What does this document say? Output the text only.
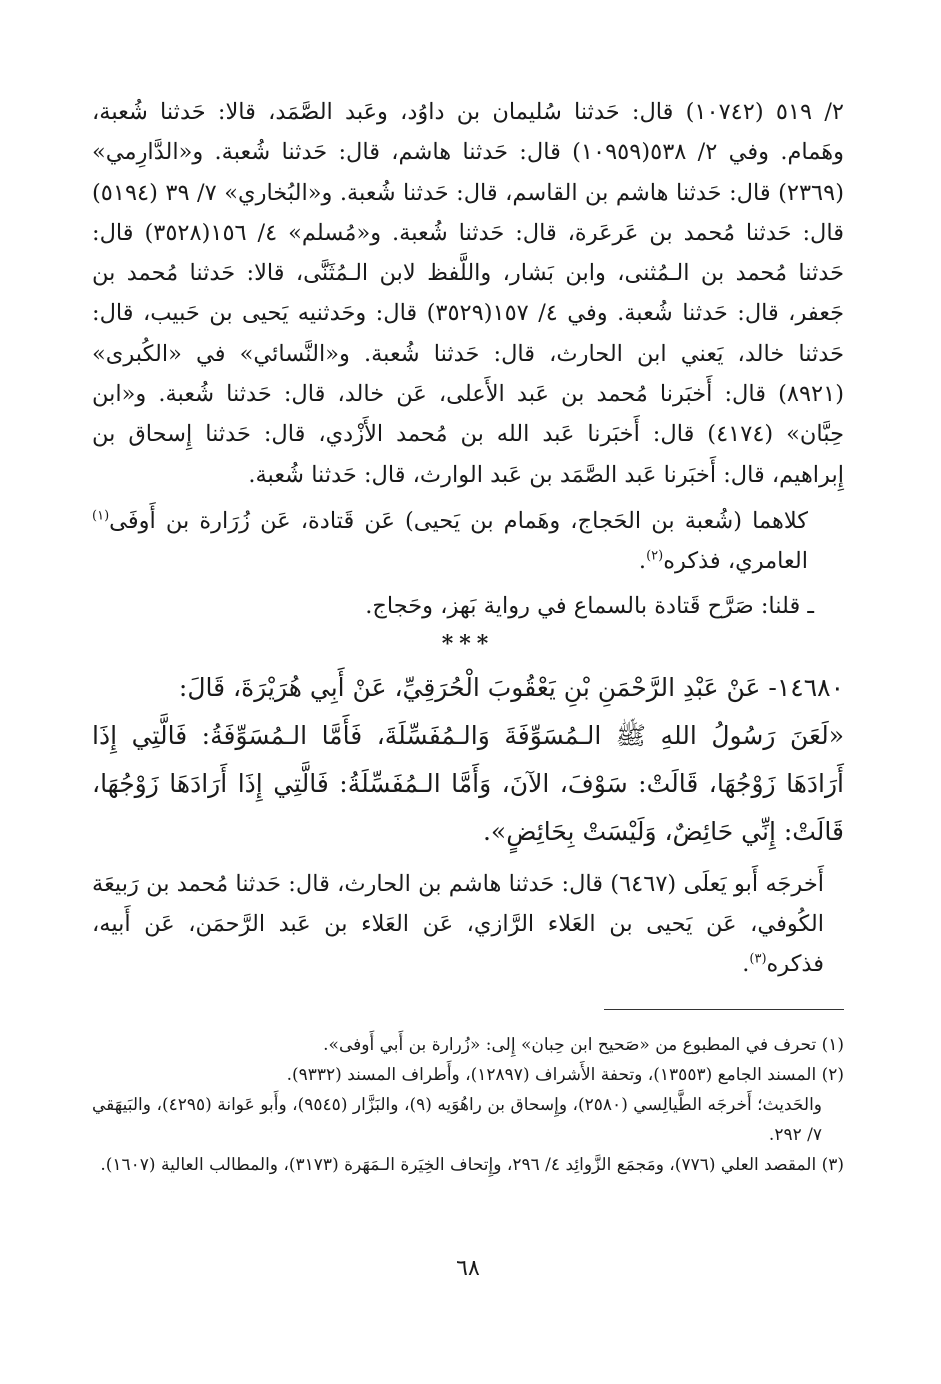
٢/ ٥١٩ (١٠٧٤٢) قال: حَدثنا سُليمان بن داوُد، وعَبد الصَّمَد، قالا: حَدثنا شُعبة، وهَمام. وفي ٢/ ٥٣٨(١٠٩٥٩) قال: حَدثنا هاشم، قال: حَدثنا شُعبة. و«الدَّارِمي» (٢٣٦٩) قال: حَدثنا هاشم بن القاسم، قال: حَدثنا شُعبة. و«البُخاري» ٧/ ٣٩ (٥١٩٤) قال: حَدثنا مُحمد بن عَرعَرة، قال: حَدثنا شُعبة. و«مُسلم» ٤/ ١٥٦(٣٥٢٨) قال: حَدثنا مُحمد بن الـمُثنى، وابن بَشار، واللَّفظ لابن الـمُثَنَّى، قالا: حَدثنا مُحمد بن جَعفر، قال: حَدثنا شُعبة. وفي ٤/ ١٥٧(٣٥٢٩) قال: وحَدثنيه يَحيى بن حَبيب، قال: حَدثنا خالد، يَعني ابن الحارث، قال: حَدثنا شُعبة. و«النَّسائي» في «الكُبرى» (٨٩٢١) قال: أَخبَرنا مُحمد بن عَبد الأَعلى، عَن خالد، قال: حَدثنا شُعبة. و«ابن حِبَّان» (٤١٧٤) قال: أَخبَرنا عَبد الله بن مُحمد الأَزْدي، قال: حَدثنا إِسحاق بن إِبراهيم، قال: أَخبَرنا عَبد الصَّمَد بن عَبد الوارث، قال: حَدثنا شُعبة.

كلاهما (شُعبة بن الحَجاج، وهَمام بن يَحيى) عَن قَتادة، عَن زُرَارة بن أَوفَى$^{(١)}$ العامري، فذكره$^{(٢)}$.

ـ قلنا: صَرَّح قَتادة بالسماع في رواية بَهز، وحَجاج.

***

١٤٦٨٠- عَنْ عَبْدِ الرَّحْمَنِ بْنِ يَعْقُوبَ الْحُرَقِيِّ، عَنْ أَبِي هُرَيْرَةَ، قَالَ:

«لَعَنَ رَسُولُ اللهِ ﷺ الـمُسَوِّفَةَ وَالـمُفَسِّلَةَ، فَأَمَّا الـمُسَوِّفَةُ: فَالَّتِي إِذَا أَرَادَهَا زَوْجُهَا، قَالَتْ: سَوْفَ، الآنَ، وَأَمَّا الـمُفَسِّلَةُ: فَالَّتِي إِذَا أَرَادَهَا زَوْجُهَا، قَالَتْ: إِنِّي حَائِضٌ، وَلَيْسَتْ بِحَائِضٍ».

أَخرجَه أَبو يَعلَى (٦٤٦٧) قال: حَدثنا هاشم بن الحارث، قال: حَدثنا مُحمد بن رَبيعَة الكُوفي، عَن يَحيى بن العَلاء الرَّازي، عَن العَلاء بن عَبد الرَّحمَن، عَن أَبيه، فذكره$^{(٣)}$.

(١) تحرف في المطبوع من «صَحيح ابن حِبان» إِلى: «زُرارة بن أَبي أَوفى».

(٢) المسند الجامع (١٣٥٥٣)، وتحفة الأَشراف (١٢٨٩٧)، وأَطراف المسند (٩٣٣٢).

والحَديث؛ أَخرجَه الطَّيالِسي (٢٥٨٠)، وإِسحاق بن راهُوَيه (٩)، والبَزَّار (٩٥٤٥)، وأَبو عَوانة (٤٢٩٥)، والبَيهَقي ٧/ ٢٩٢.

(٣) المقصد العلي (٧٧٦)، ومَجمَع الزَّوائِد ٤/ ٢٩٦، وإِتحاف الخِيَرة الـمَهَرة (٣١٧٣)، والمطالب العالية (١٦٠٧).

٦٨
